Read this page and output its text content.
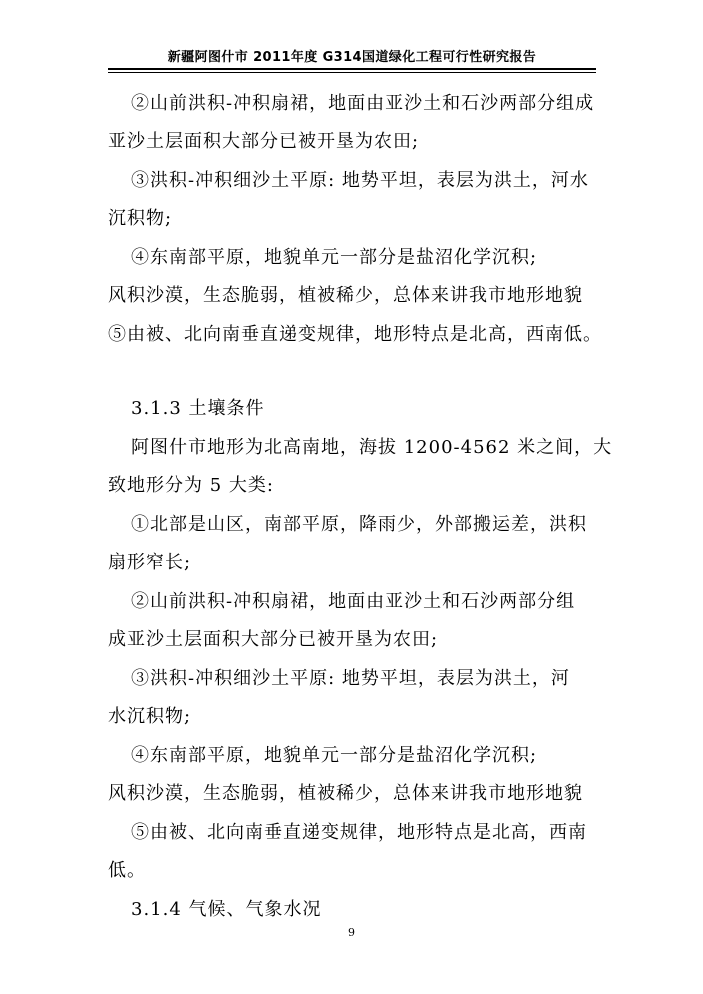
新疆阿图什市 2011年度 G314国道绿化工程可行性研究报告
②山前洪积-冲积扇裙，地面由亚沙土和石沙两部分组成
亚沙土层面积大部分已被开垦为农田;
③洪积-冲积细沙土平原: 地势平坦，表层为洪土，河水
沉积物;
④东南部平原，地貌单元一部分是盐沼化学沉积;
风积沙漠，生态脆弱，植被稀少，总体来讲我市地形地貌
⑤由被、北向南垂直递变规律，地形特点是北高，西南低。
3.1.3 土壤条件
阿图什市地形为北高南地，海拔 1200-4562 米之间，大
致地形分为 5 大类:
①北部是山区，南部平原，降雨少，外部搬运差，洪积
扇形窄长;
②山前洪积-冲积扇裙，地面由亚沙土和石沙两部分组
成亚沙土层面积大部分已被开垦为农田;
③洪积-冲积细沙土平原: 地势平坦，表层为洪土，河
水沉积物;
④东南部平原，地貌单元一部分是盐沼化学沉积;
风积沙漠，生态脆弱，植被稀少，总体来讲我市地形地貌
⑤由被、北向南垂直递变规律，地形特点是北高，西南
低。
3.1.4 气候、气象水况
9
